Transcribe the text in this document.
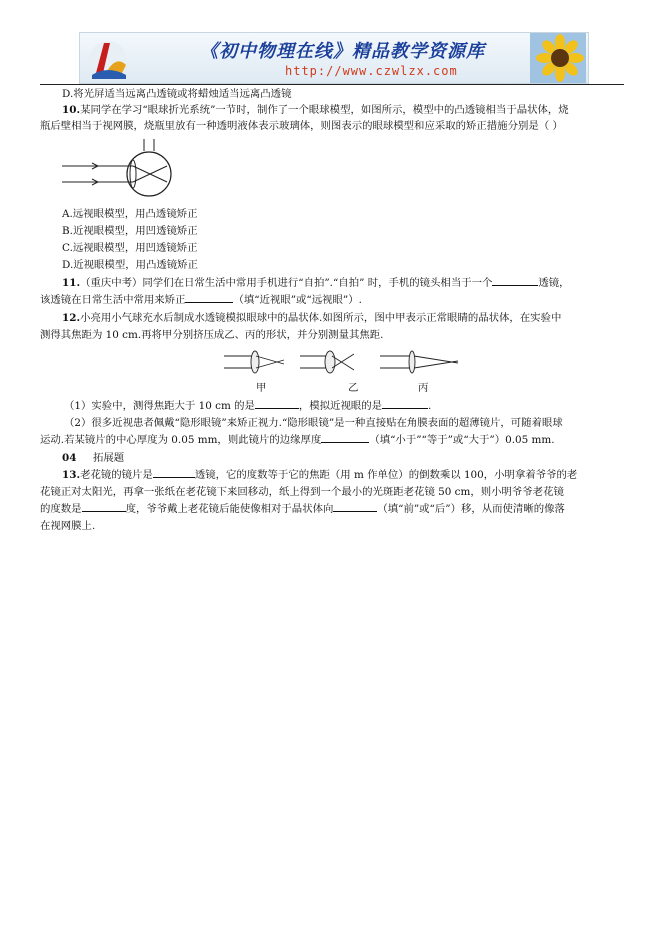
《初中物理在线》精品教学资源库
http://www.czwlzx.com
D.将光屏适当远离凸透镜或将蜡烛适当远离凸透镜
10.某同学在学习“眼球折光系统”一节时，制作了一个眼球模型，如图所示，模型中的凸透镜相当于晶状体，烧
瓶后壁相当于视网膜，烧瓶里放有一种透明液体表示玻璃体，则图表示的眼球模型和应采取的矫正措施分别是（ ）
A.远视眼模型，用凸透镜矫正
B.近视眼模型，用凹透镜矫正
C.远视眼模型，用凹透镜矫正
D.近视眼模型，用凸透镜矫正
11.（重庆中考）同学们在日常生活中常用手机进行“自拍”.“自拍” 时，手机的镜头相当于一个	透镜，
该透镜在日常生活中常用来矫正	（填“近视眼”或“远视眼”）.
12.小亮用小气球充水后制成水透镜模拟眼球中的晶状体.如图所示，图中甲表示正常眼睛的晶状体，在实验中
测得其焦距为 10 cm.再将甲分别挤压成乙、丙的形状，并分别测量其焦距.
甲	乙	丙
（1）实验中，测得焦距大于 10 cm 的是	，模拟近视眼的是	.
（2）很多近视患者佩戴“隐形眼镜”来矫正视力.“隐形眼镜”是一种直接贴在角膜表面的超薄镜片，可随着眼球
运动.若某镜片的中心厚度为 0.05 mm，则此镜片的边缘厚度	（填“小于”“等于”或“大于”）0.05 mm.
04 拓展题
13.老花镜的镜片是	透镜，它的度数等于它的焦距（用 m 作单位）的倒数乘以 100，小明拿着爷爷的老
花镜正对太阳光，再拿一张纸在老花镜下来回移动，纸上得到一个最小的光斑距老花镜 50 cm，则小明爷爷老花镜
的度数是	度，爷爷戴上老花镜后能使像相对于晶状体向	（填“前”或“后”）移，从而使清晰的像落
在视网膜上.
